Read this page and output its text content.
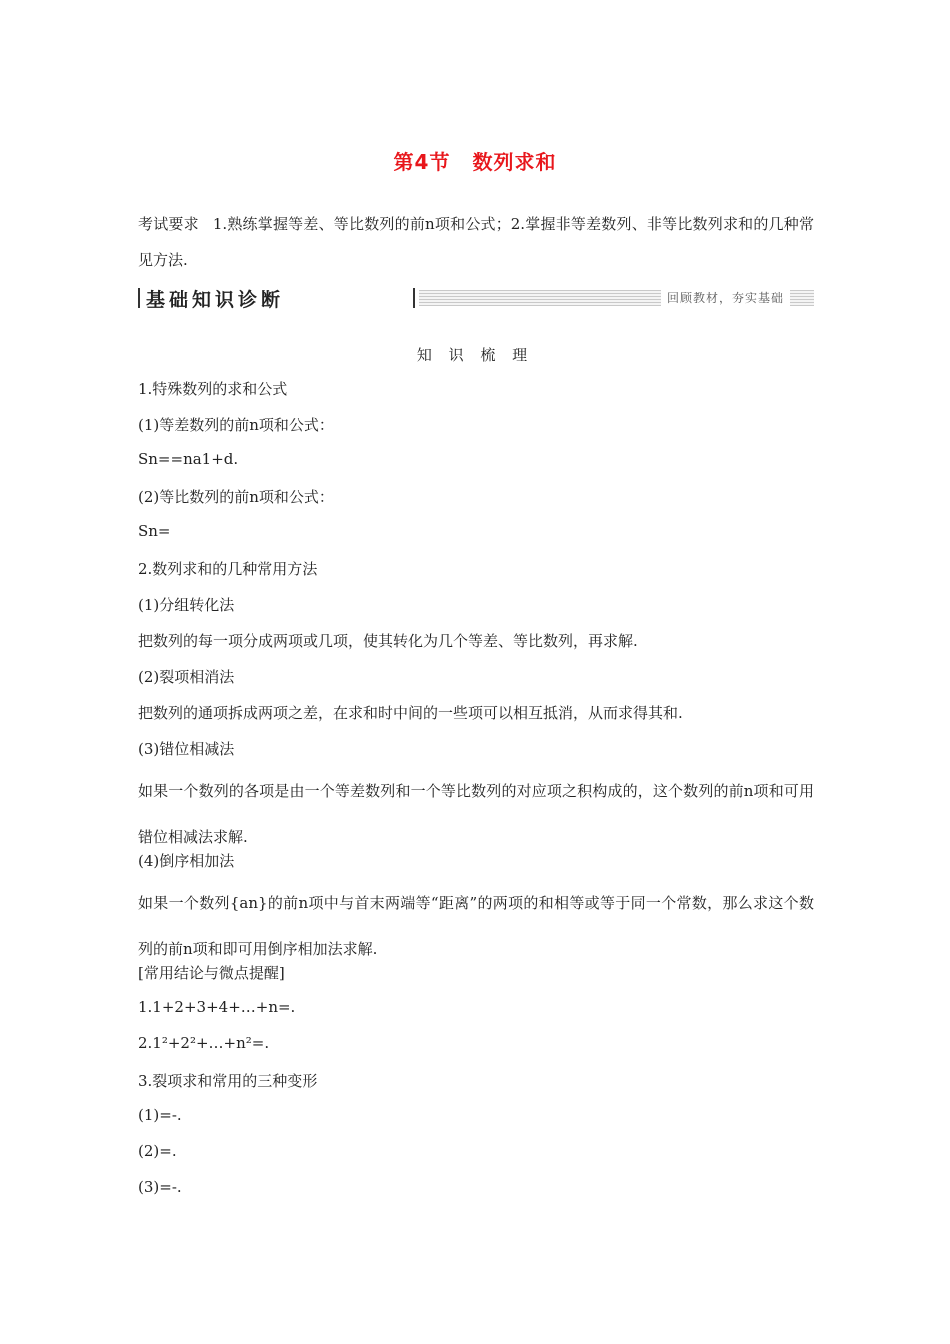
第4节 数列求和
考试要求 1.熟练掌握等差、等比数列的前n项和公式；2.掌握非等差数列、非等比数列求和的几种常见方法.
基础知识诊断	回顾教材，夯实基础
知 识 梳 理
1.特殊数列的求和公式
(1)等差数列的前n项和公式：
Sn==na1+d.
(2)等比数列的前n项和公式：
Sn=
2.数列求和的几种常用方法
(1)分组转化法
把数列的每一项分成两项或几项，使其转化为几个等差、等比数列，再求解.
(2)裂项相消法
把数列的通项拆成两项之差，在求和时中间的一些项可以相互抵消，从而求得其和.
(3)错位相减法
如果一个数列的各项是由一个等差数列和一个等比数列的对应项之积构成的，这个数列的前n项和可用错位相减法求解.
(4)倒序相加法
如果一个数列{an}的前n项中与首末两端等“距离”的两项的和相等或等于同一个常数，那么求这个数列的前n项和即可用倒序相加法求解.
[常用结论与微点提醒]
1.1+2+3+4+…+n=.
2.1²+2²+…+n²=.
3.裂项求和常用的三种变形
(1)=-.
(2)=.
(3)=-.
